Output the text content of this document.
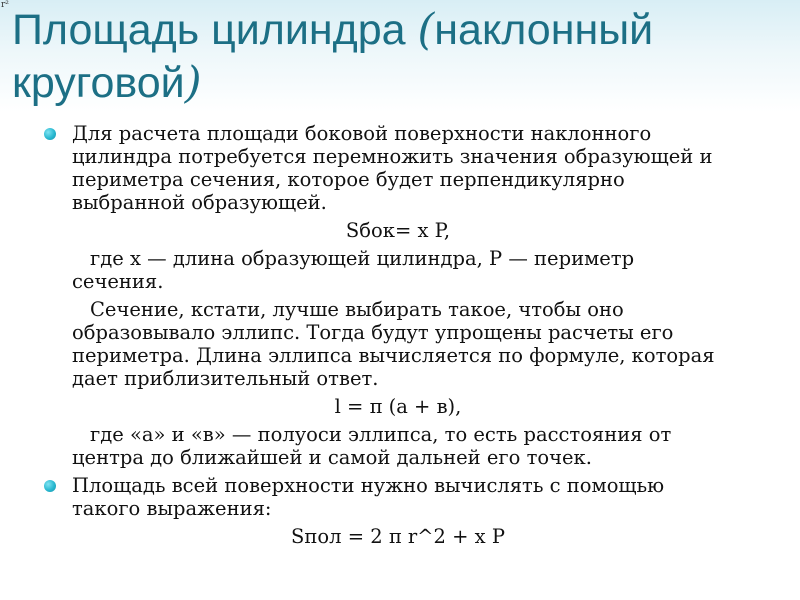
r²
Площадь цилиндра (наклонный круговой)
Для расчета площади боковой поверхности наклонного цилиндра потребуется перемножить значения образующей и периметра сечения, которое будет перпендикулярно выбранной образующей.
Sбок= x P,

где x — длина образующей цилиндра, P — периметр сечения.

Сечение, кстати, лучше выбирать такое, чтобы оно образовывало эллипс. Тогда будут упрощены расчеты его периметра. Длина эллипса вычисляется по формуле, которая дает приблизительный ответ.

l = π (a + в),

где «а» и «в» — полуоси эллипса, то есть расстояния от центра до ближайшей и самой дальней его точек.

Площадь всей поверхности нужно вычислять с помощью такого выражения:
Sпол = 2 π r^2 + x P
